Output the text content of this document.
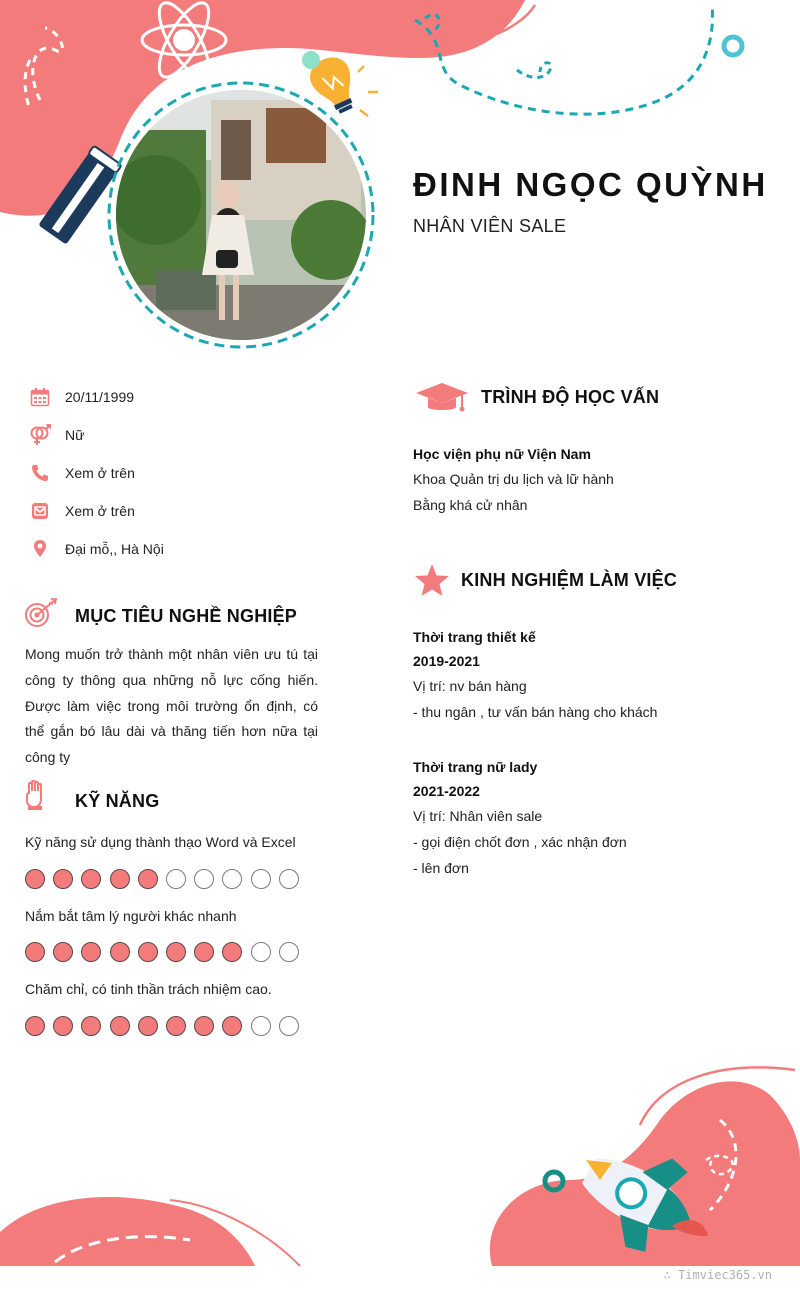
ĐINH NGỌC QUỲNH
NHÂN VIÊN SALE
20/11/1999
Nữ
Xem ở trên
Xem ở trên
Đại mỗ,, Hà Nội
MỤC TIÊU NGHỀ NGHIỆP
Mong muốn trở thành một nhân viên ưu tú tại công ty thông qua những nỗ lực cống hiến. Được làm việc trong môi trường ổn định, có thể gắn bó lâu dài và thăng tiến hơn nữa tại công ty
KỸ NĂNG
Kỹ năng sử dụng thành thạo Word và Excel
Nắm bắt tâm lý người khác nhanh
Chăm chỉ, có tinh thần trách nhiệm cao.
TRÌNH ĐỘ HỌC VẤN
Học viện phụ nữ Viện Nam
Khoa Quản trị du lịch và lữ hành
Bằng khá cử nhân
KINH NGHIỆM LÀM VIỆC
Thời trang thiết kế
2019-2021
Vị trí: nv bán hàng
- thu ngân , tư vấn bán hàng cho khách
Thời trang nữ lady
2021-2022
Vị trí: Nhân viên sale
- gọi điện chốt đơn , xác nhận đơn
- lên đơn
∴ Timviec365.vn
